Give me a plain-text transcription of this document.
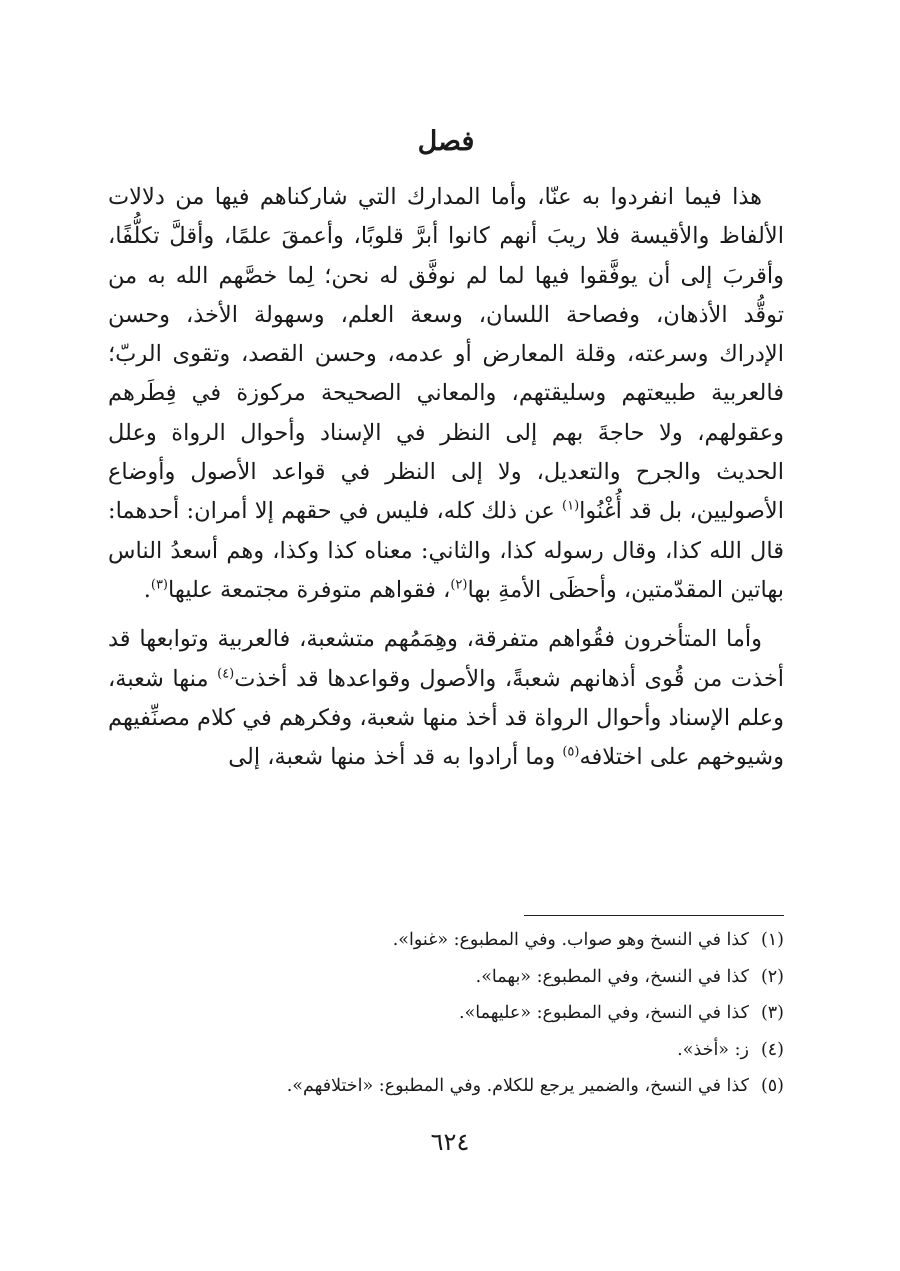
فصل

هذا فيما انفردوا به عنّا، وأما المدارك التي شاركناهم فيها من دلالات الألفاظ والأقيسة فلا ريبَ أنهم كانوا أبرَّ قلوبًا، وأعمقَ علمًا، وأقلَّ تكلُّفًا، وأقربَ إلى أن يوفَّقوا فيها لما لم نوفَّق له نحن؛ لِما خصَّهم الله به من توقُّد الأذهان، وفصاحة اللسان، وسعة العلم، وسهولة الأخذ، وحسن الإدراك وسرعته، وقلة المعارض أو عدمه، وحسن القصد، وتقوى الربّ؛ فالعربية طبيعتهم وسليقتهم، والمعاني الصحيحة مركوزة في فِطَرهم وعقولهم، ولا حاجةَ بهم إلى النظر في الإسناد وأحوال الرواة وعلل الحديث والجرح والتعديل، ولا إلى النظر في قواعد الأصول وأوضاع الأصوليين، بل قد أُغْنُوا$^{(١)}$ عن ذلك كله، فليس في حقهم إلا أمران: أحدهما: قال الله كذا، وقال رسوله كذا، والثاني: معناه كذا وكذا، وهم أسعدُ الناس بهاتين المقدّمتين، وأحظَى الأمةِ بها$^{(٢)}$، فقواهم متوفرة مجتمعة عليها$^{(٣)}$.

وأما المتأخرون فقُواهم متفرقة، وهِمَمُهم متشعبة، فالعربية وتوابعها قد أخذت من قُوى أذهانهم شعبةً، والأصول وقواعدها قد أخذت$^{(٤)}$ منها شعبة، وعلم الإسناد وأحوال الرواة قد أخذ منها شعبة، وفكرهم في كلام مصنِّفيهم وشيوخهم على اختلافه$^{(٥)}$ وما أرادوا به قد أخذ منها شعبة، إلى

(١)كذا في النسخ وهو صواب. وفي المطبوع: «غنوا».
(٢)كذا في النسخ، وفي المطبوع: «بهما».
(٣)كذا في النسخ، وفي المطبوع: «عليهما».
(٤)ز: «أخذ».
(٥)كذا في النسخ، والضمير يرجع للكلام. وفي المطبوع: «اختلافهم».
٦٢٤
